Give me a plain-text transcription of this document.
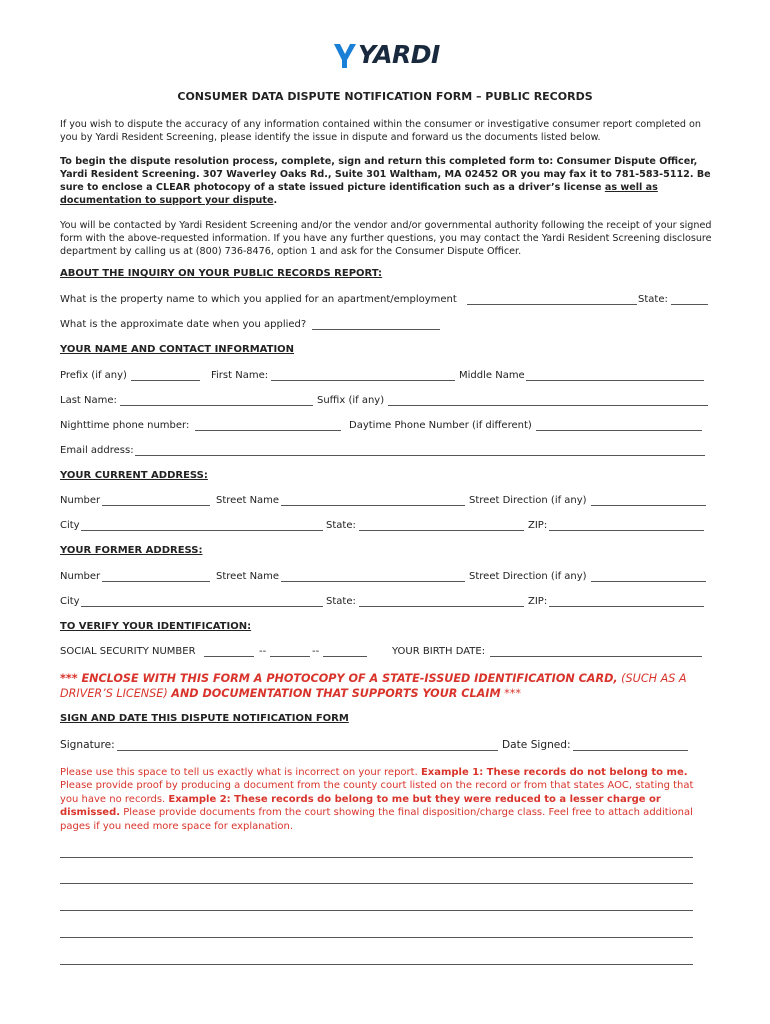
YARDI
CONSUMER DATA DISPUTE NOTIFICATION FORM – PUBLIC RECORDS
If you wish to dispute the accuracy of any information contained within the consumer or investigative consumer report completed on you by Yardi Resident Screening, please identify the issue in dispute and forward us the documents listed below.
To begin the dispute resolution process, complete, sign and return this completed form to: Consumer Dispute Officer, Yardi Resident Screening. 307 Waverley Oaks Rd., Suite 301 Waltham, MA 02452 OR you may fax it to 781-583-5112. Be sure to enclose a CLEAR photocopy of a state issued picture identification such as a driver’s license as well as documentation to support your dispute.
You will be contacted by Yardi Resident Screening and/or the vendor and/or governmental authority following the receipt of your signed form with the above-requested information. If you have any further questions, you may contact the Yardi Resident Screening disclosure department by calling us at (800) 736-8476, option 1 and ask for the Consumer Dispute Officer.
ABOUT THE INQUIRY ON YOUR PUBLIC RECORDS REPORT:
What is the property name to which you applied for an apartment/employment	State:
What is the approximate date when you applied?
YOUR NAME AND CONTACT INFORMATION
Prefix (if any)	First Name:	Middle Name
Last Name:	Suffix (if any)
Nighttime phone number:	Daytime Phone Number (if different)
Email address:
YOUR CURRENT ADDRESS:
Number	Street Name	Street Direction (if any)
City	State:	ZIP:
YOUR FORMER ADDRESS:
Number	Street Name	Street Direction (if any)
City	State:	ZIP:
TO VERIFY YOUR IDENTIFICATION:
SOCIAL SECURITY NUMBER	--	--	YOUR BIRTH DATE:
*** ENCLOSE WITH THIS FORM A PHOTOCOPY OF A STATE-ISSUED IDENTIFICATION CARD, (SUCH AS A DRIVER’S LICENSE) AND DOCUMENTATION THAT SUPPORTS YOUR CLAIM ***
SIGN AND DATE THIS DISPUTE NOTIFICATION FORM
Signature:	Date Signed:
Please use this space to tell us exactly what is incorrect on your report. Example 1: These records do not belong to me. Please provide proof by producing a document from the county court listed on the record or from that states AOC, stating that you have no records. Example 2: These records do belong to me but they were reduced to a lesser charge or dismissed. Please provide documents from the court showing the final disposition/charge class. Feel free to attach additional pages if you need more space for explanation.
